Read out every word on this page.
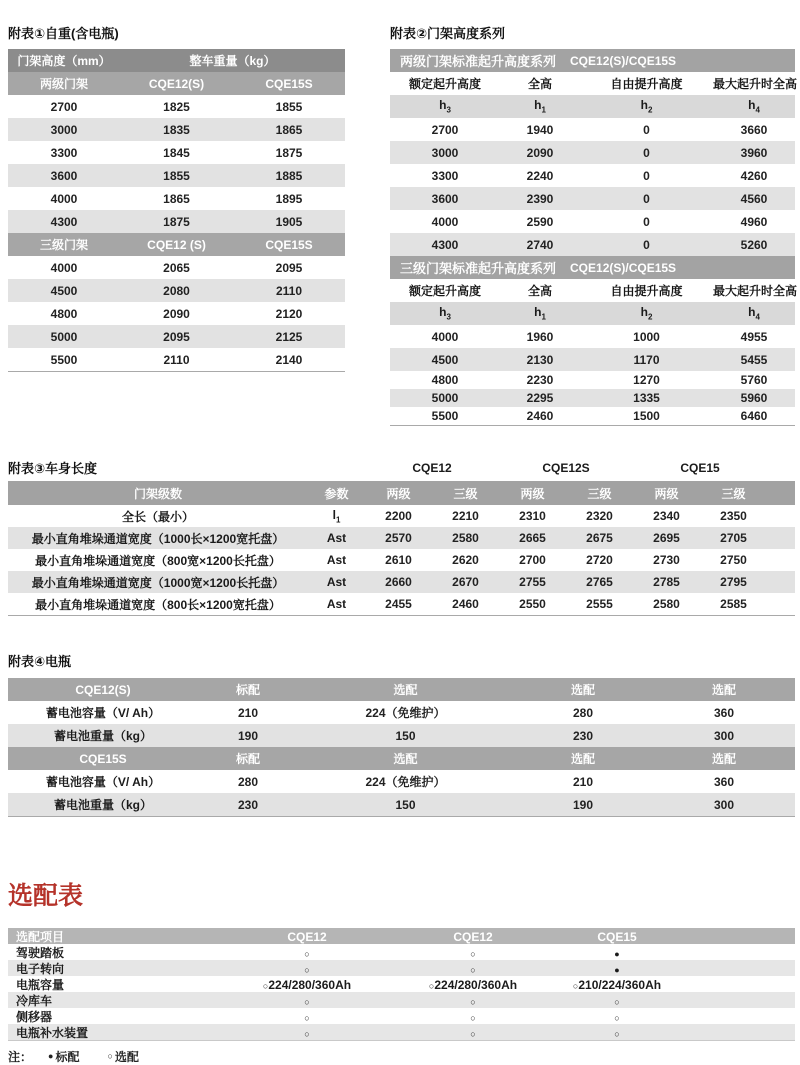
附表①自重(含电瓶)
门架高度（mm）	整车重量（kg）
两级门架	CQE12(S)	CQE15S
2700	1825	1855
3000	1835	1865
3300	1845	1875
3600	1855	1885
4000	1865	1895
4300	1875	1905
三级门架	CQE12 (S)	CQE15S
4000	2065	2095
4500	2080	2110
4800	2090	2120
5000	2095	2125
5500	2110	2140
附表②门架高度系列
两级门架标准起升高度系列 CQE12(S)/CQE15S
额定起升高度	全高	自由提升高度	最大起升时全高
$h_3$	$h_1$	$h_2$	$h_4$
2700	1940	0	3660
3000	2090	0	3960
3300	2240	0	4260
3600	2390	0	4560
4000	2590	0	4960
4300	2740	0	5260
三级门架标准起升高度系列 CQE12(S)/CQE15S
额定起升高度	全高	自由提升高度	最大起升时全高
$h_3$	$h_1$	$h_2$	$h_4$
4000	1960	1000	4955
4500	2130	1170	5455
4800	2230	1270	5760
5000	2295	1335	5960
5500	2460	1500	6460
附表③车身长度	CQE12	CQE12S	CQE15
门架级数	参数	两级	三级	两级	三级	两级	三级
全长（最小）	$l_1$	2200	2210	2310	2320	2340	2350
最小直角堆垛通道宽度（1000长×1200宽托盘）	Ast	2570	2580	2665	2675	2695	2705
最小直角堆垛通道宽度（800宽×1200长托盘）	Ast	2610	2620	2700	2720	2730	2750
最小直角堆垛通道宽度（1000宽×1200长托盘）	Ast	2660	2670	2755	2765	2785	2795
最小直角堆垛通道宽度（800长×1200宽托盘）	Ast	2455	2460	2550	2555	2580	2585
附表④电瓶
CQE12(S)	标配	选配	选配	选配
蓄电池容量（V/ Ah）	210	224（免维护）	280	360
蓄电池重量（kg）	190	150	230	300
CQE15S	标配	选配	选配	选配
蓄电池容量（V/ Ah）	280	224（免维护）	210	360
蓄电池重量（kg）	230	150	190	300
选配表
选配项目	CQE12	CQE12	CQE15
驾驶踏板	○	○	●
电子转向	○	○	●
电瓶容量	○224/280/360Ah	○224/280/360Ah	○210/224/360Ah
冷库车	○	○	○
侧移器	○	○	○
电瓶补水装置	○	○	○
注： ● 标配	○ 选配
